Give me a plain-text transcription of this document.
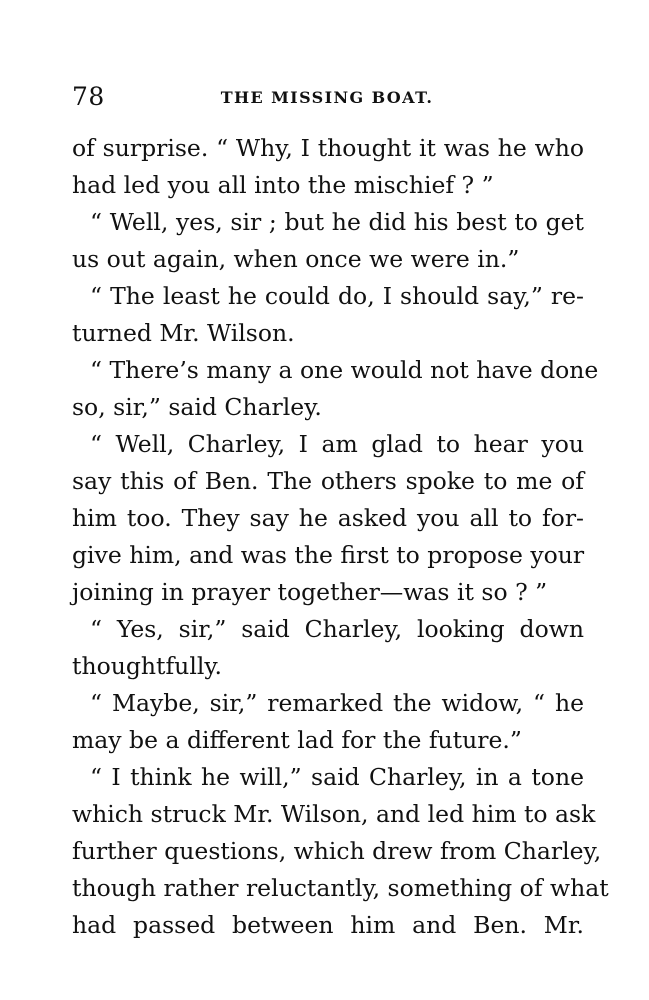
78	THE MISSING BOAT.
of surprise. “ Why, I thought it was he who
had led you all into the mischief ? ”
“ Well, yes, sir ; but he did his best to get
us out again, when once we were in.”
“ The least he could do, I should say,” re-
turned Mr. Wilson.
“ There’s many a one would not have done
so, sir,” said Charley.
“ Well, Charley, I am glad to hear you
say this of Ben. The others spoke to me of
him too. They say he asked you all to for-
give him, and was the first to propose your
joining in prayer together—was it so ? ”
“ Yes, sir,” said Charley, looking down
thoughtfully.
“ Maybe, sir,” remarked the widow, “ he
may be a different lad for the future.”
“ I think he will,” said Charley, in a tone
which struck Mr. Wilson, and led him to ask
further questions, which drew from Charley,
though rather reluctantly, something of what
had passed between him and Ben. Mr.
